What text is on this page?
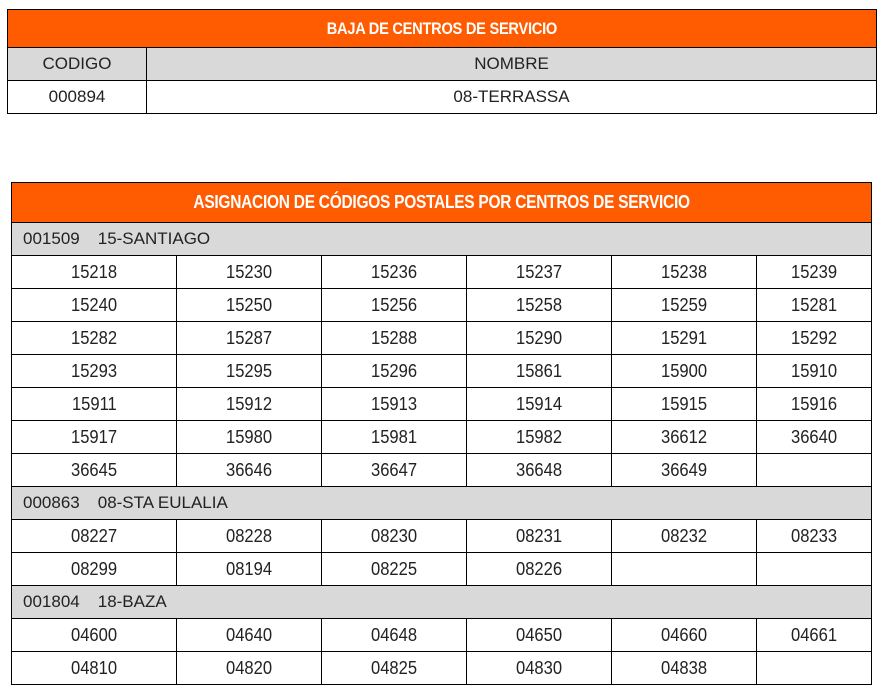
BAJA DE CENTROS DE SERVICIO	
CODIGO	NOMBRE
000894	08-TERRASSA
ASIGNACION DE CÓDIGOS POSTALES POR CENTROS DE SERVICIO					
001509 15-SANTIAGO					
15218	15230	15236	15237	15238	15239
15240	15250	15256	15258	15259	15281
15282	15287	15288	15290	15291	15292
15293	15295	15296	15861	15900	15910
15911	15912	15913	15914	15915	15916
15917	15980	15981	15982	36612	36640
36645	36646	36647	36648	36649	
000863 08-STA EULALIA					
08227	08228	08230	08231	08232	08233
08299	08194	08225	08226		
001804 18-BAZA					
04600	04640	04648	04650	04660	04661
04810	04820	04825	04830	04838	
